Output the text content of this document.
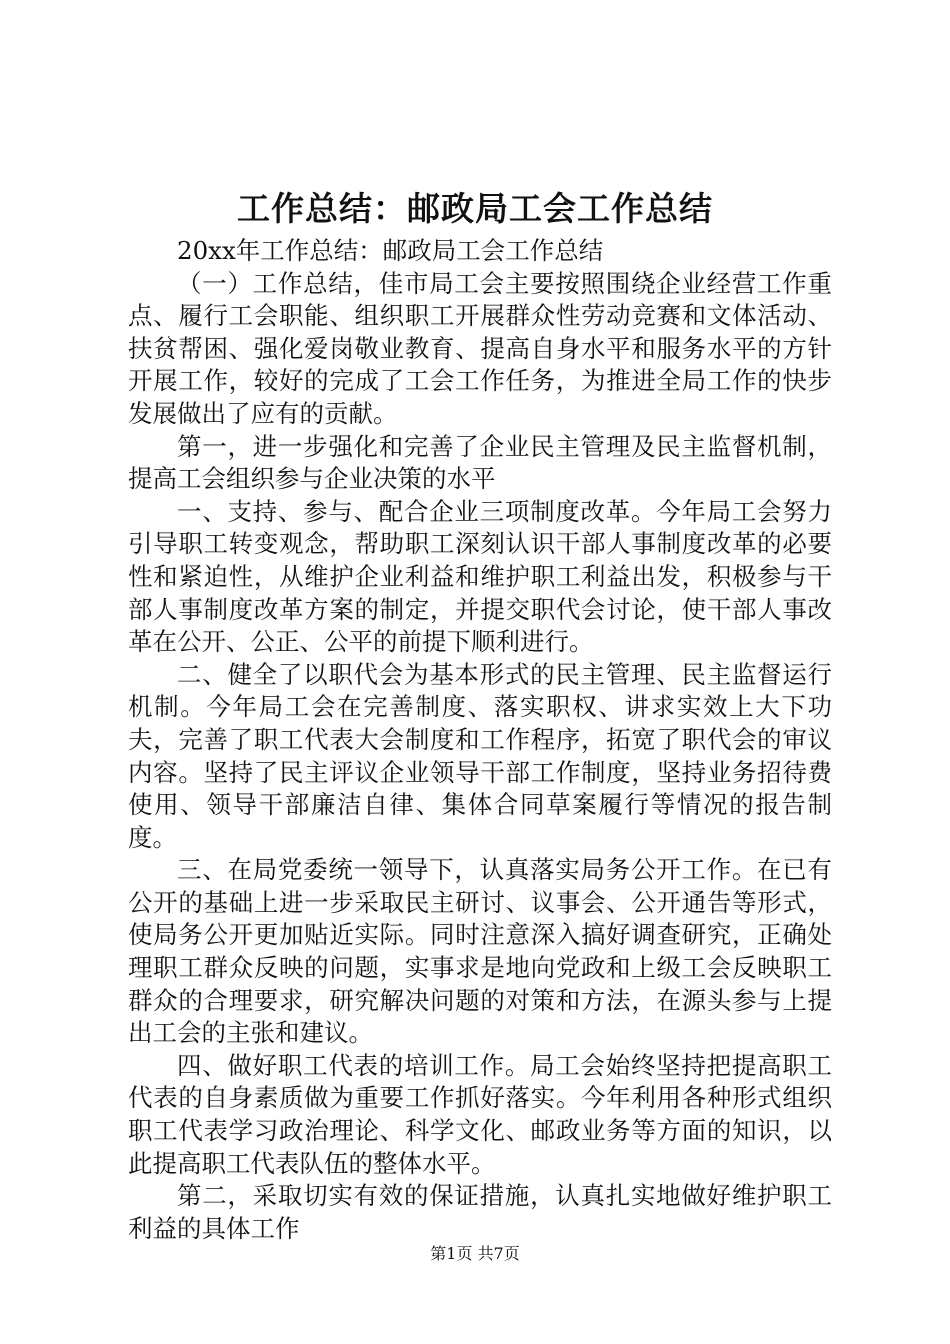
工作总结：邮政局工会工作总结

20xx年工作总结：邮政局工会工作总结

（一）工作总结，佳市局工会主要按照围绕企业经营工作重点、履行工会职能、组织职工开展群众性劳动竞赛和文体活动、扶贫帮困、强化爱岗敬业教育、提高自身水平和服务水平的方针开展工作，较好的完成了工会工作任务，为推进全局工作的快步发展做出了应有的贡献。

第一，进一步强化和完善了企业民主管理及民主监督机制，提高工会组织参与企业决策的水平

一、支持、参与、配合企业三项制度改革。今年局工会努力引导职工转变观念，帮助职工深刻认识干部人事制度改革的必要性和紧迫性，从维护企业利益和维护职工利益出发，积极参与干部人事制度改革方案的制定，并提交职代会讨论，使干部人事改革在公开、公正、公平的前提下顺利进行。

二、健全了以职代会为基本形式的民主管理、民主监督运行机制。今年局工会在完善制度、落实职权、讲求实效上大下功夫，完善了职工代表大会制度和工作程序，拓宽了职代会的审议内容。坚持了民主评议企业领导干部工作制度，坚持业务招待费使用、领导干部廉洁自律、集体合同草案履行等情况的报告制度。

三、在局党委统一领导下，认真落实局务公开工作。在已有公开的基础上进一步采取民主研讨、议事会、公开通告等形式，使局务公开更加贴近实际。同时注意深入搞好调查研究，正确处理职工群众反映的问题，实事求是地向党政和上级工会反映职工群众的合理要求，研究解决问题的对策和方法，在源头参与上提出工会的主张和建议。

四、做好职工代表的培训工作。局工会始终坚持把提高职工代表的自身素质做为重要工作抓好落实。今年利用各种形式组织职工代表学习政治理论、科学文化、邮政业务等方面的知识，以此提高职工代表队伍的整体水平。

第二，采取切实有效的保证措施，认真扎实地做好维护职工利益的具体工作

第1页 共7页
